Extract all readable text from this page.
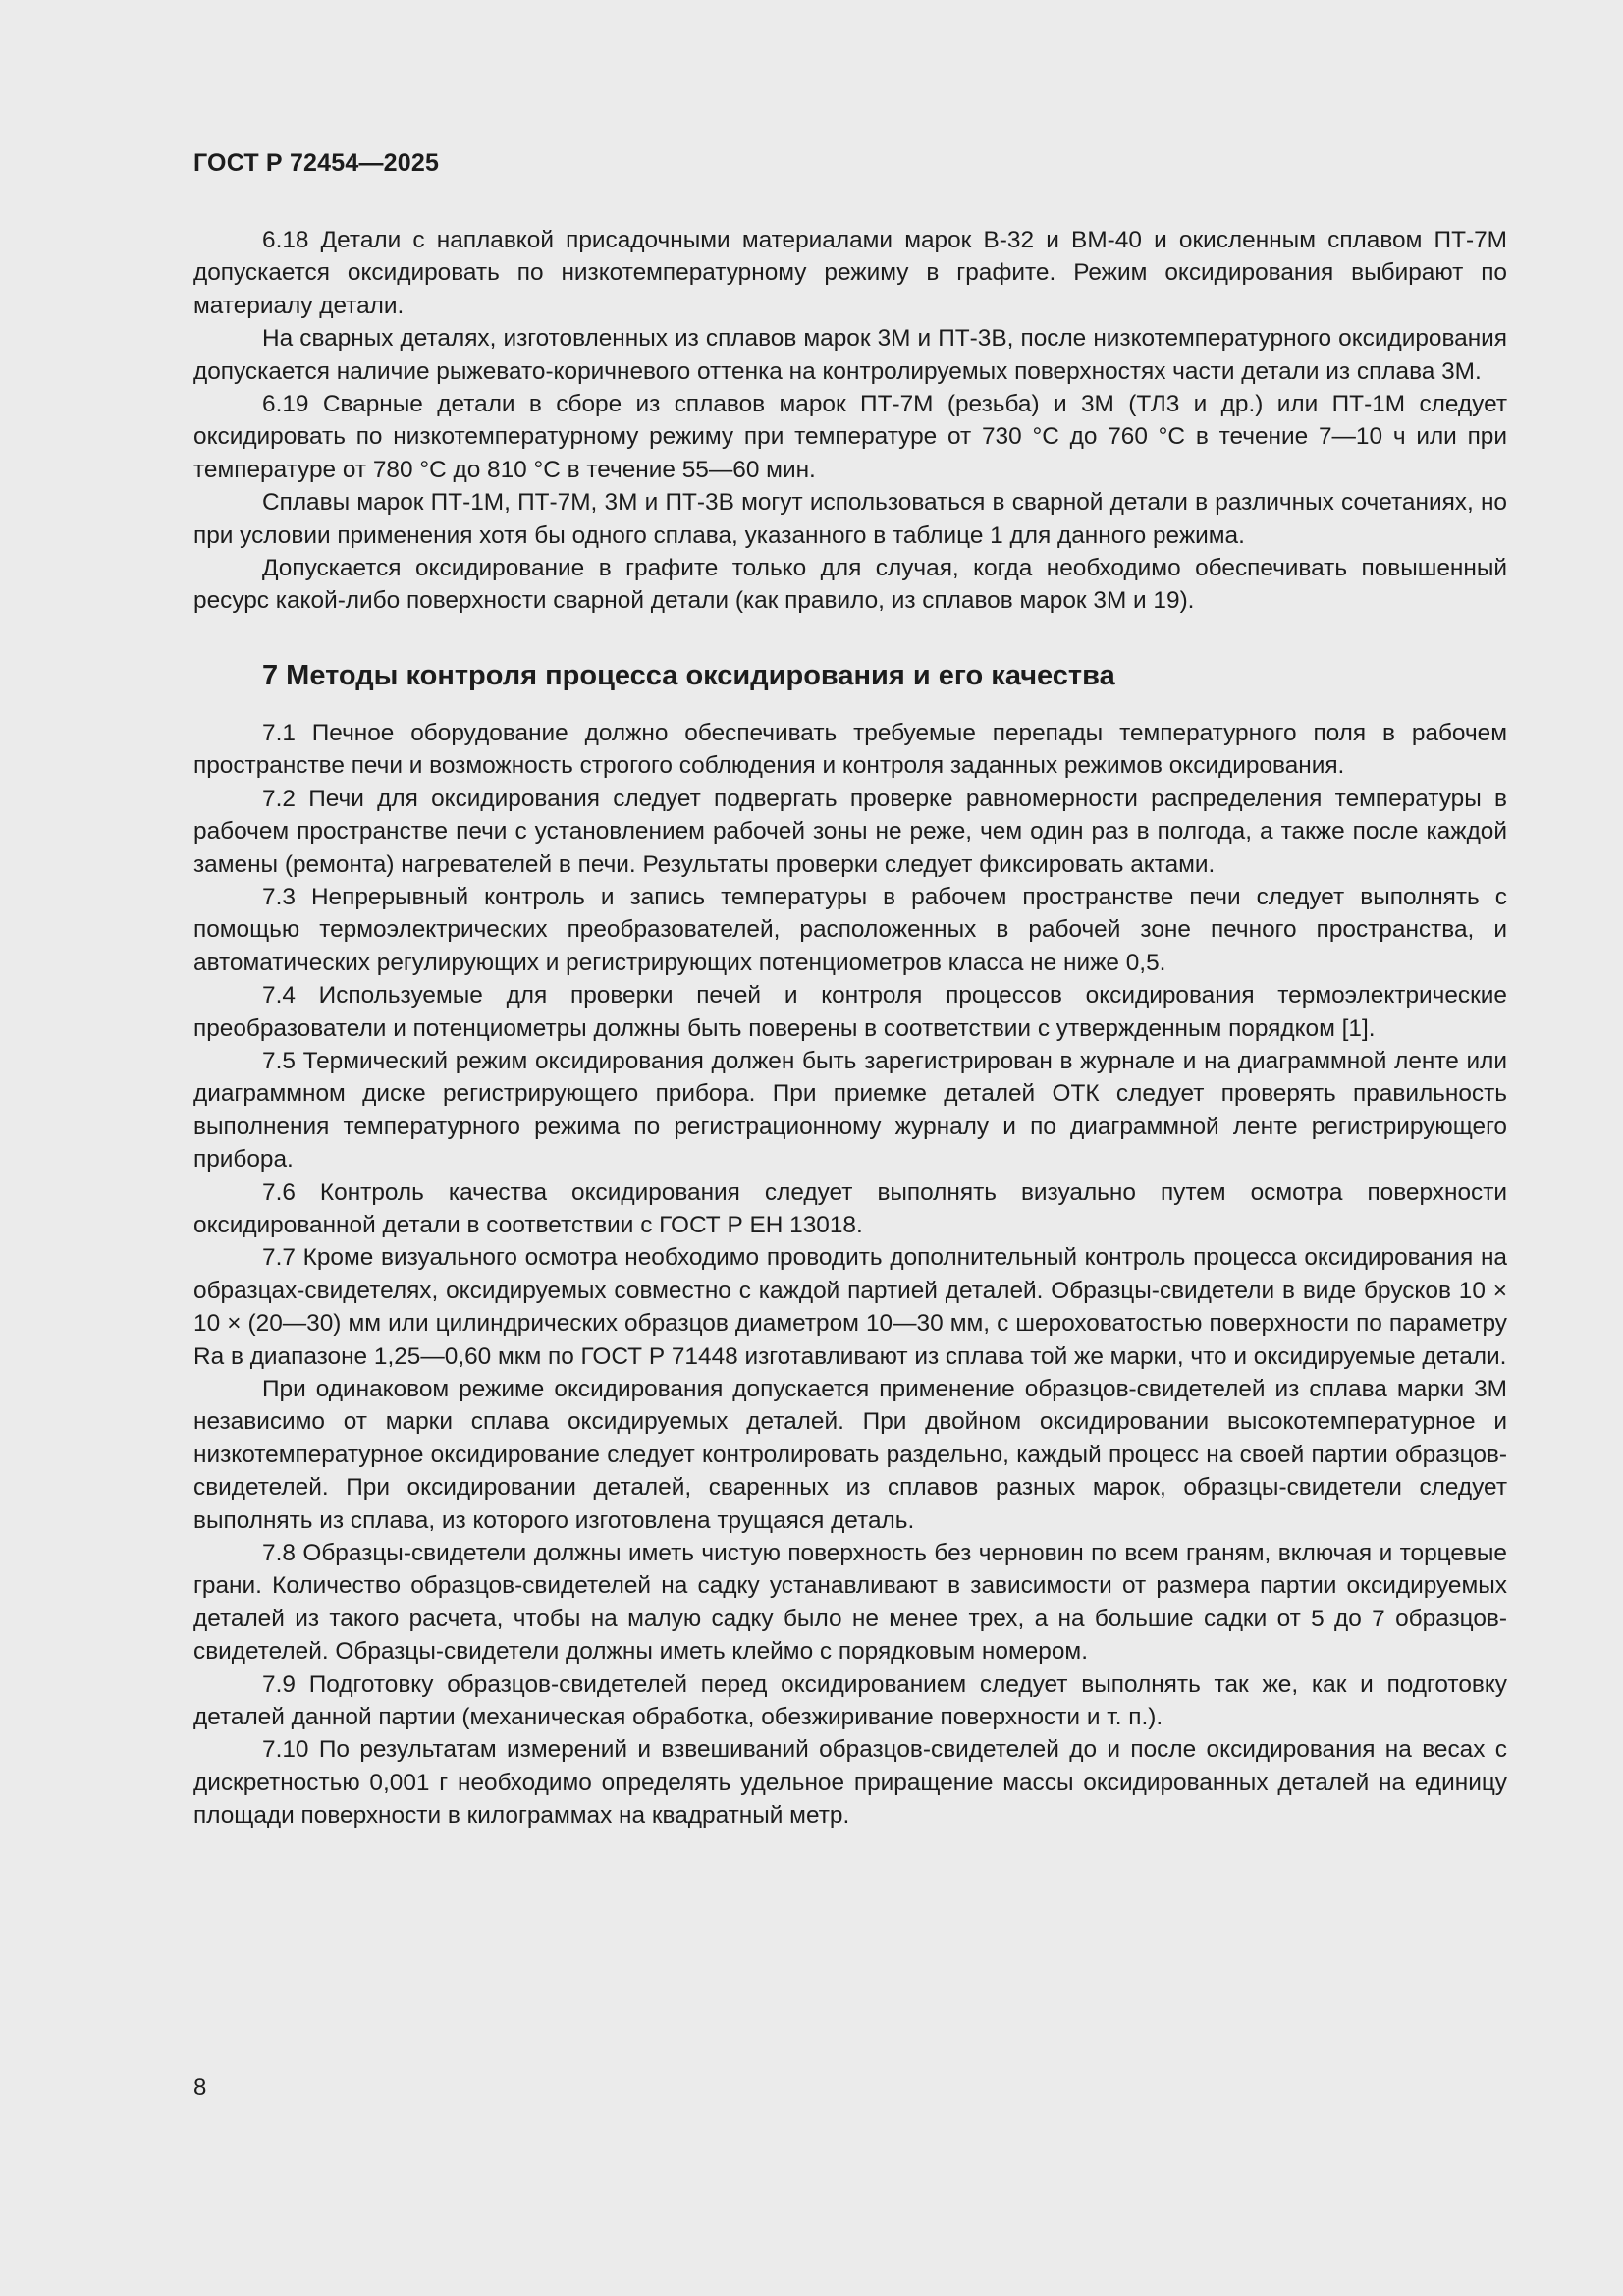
ГОСТ Р 72454—2025

6.18 Детали с наплавкой присадочными материалами марок В-32 и ВМ-40 и окисленным сплавом ПТ-7М допускается оксидировать по низкотемпературному режиму в графите. Режим оксидирования выбирают по материалу детали.

На сварных деталях, изготовленных из сплавов марок 3М и ПТ-3В, после низкотемпературного оксидирования допускается наличие рыжевато-коричневого оттенка на контролируемых поверхностях части детали из сплава 3М.

6.19 Сварные детали в сборе из сплавов марок ПТ-7М (резьба) и 3М (ТЛ3 и др.) или ПТ-1М следует оксидировать по низкотемпературному режиму при температуре от 730 °С до 760 °С в течение 7—10 ч или при температуре от 780 °С до 810 °С в течение 55—60 мин.

Сплавы марок ПТ-1М, ПТ-7М, 3М и ПТ-3В могут использоваться в сварной детали в различных сочетаниях, но при условии применения хотя бы одного сплава, указанного в таблице 1 для данного режима.

Допускается оксидирование в графите только для случая, когда необходимо обеспечивать повышенный ресурс какой-либо поверхности сварной детали (как правило, из сплавов марок 3М и 19).

7 Методы контроля процесса оксидирования и его качества

7.1 Печное оборудование должно обеспечивать требуемые перепады температурного поля в рабочем пространстве печи и возможность строгого соблюдения и контроля заданных режимов оксидирования.

7.2 Печи для оксидирования следует подвергать проверке равномерности распределения температуры в рабочем пространстве печи с установлением рабочей зоны не реже, чем один раз в полгода, а также после каждой замены (ремонта) нагревателей в печи. Результаты проверки следует фиксировать актами.

7.3 Непрерывный контроль и запись температуры в рабочем пространстве печи следует выполнять с помощью термоэлектрических преобразователей, расположенных в рабочей зоне печного пространства, и автоматических регулирующих и регистрирующих потенциометров класса не ниже 0,5.

7.4 Используемые для проверки печей и контроля процессов оксидирования термоэлектрические преобразователи и потенциометры должны быть поверены в соответствии с утвержденным порядком [1].

7.5 Термический режим оксидирования должен быть зарегистрирован в журнале и на диаграммной ленте или диаграммном диске регистрирующего прибора. При приемке деталей ОТК следует проверять правильность выполнения температурного режима по регистрационному журналу и по диаграммной ленте регистрирующего прибора.

7.6 Контроль качества оксидирования следует выполнять визуально путем осмотра поверхности оксидированной детали в соответствии с ГОСТ Р ЕН 13018.

7.7 Кроме визуального осмотра необходимо проводить дополнительный контроль процесса оксидирования на образцах-свидетелях, оксидируемых совместно с каждой партией деталей. Образцы-свидетели в виде брусков 10 × 10 × (20—30) мм или цилиндрических образцов диаметром 10—30 мм, с шероховатостью поверхности по параметру Ra в диапазоне 1,25—0,60 мкм по ГОСТ Р 71448 изготавливают из сплава той же марки, что и оксидируемые детали.

При одинаковом режиме оксидирования допускается применение образцов-свидетелей из сплава марки 3М независимо от марки сплава оксидируемых деталей. При двойном оксидировании высокотемпературное и низкотемпературное оксидирование следует контролировать раздельно, каждый процесс на своей партии образцов-свидетелей. При оксидировании деталей, сваренных из сплавов разных марок, образцы-свидетели следует выполнять из сплава, из которого изготовлена трущаяся деталь.

7.8 Образцы-свидетели должны иметь чистую поверхность без черновин по всем граням, включая и торцевые грани. Количество образцов-свидетелей на садку устанавливают в зависимости от размера партии оксидируемых деталей из такого расчета, чтобы на малую садку было не менее трех, а на большие садки от 5 до 7 образцов-свидетелей. Образцы-свидетели должны иметь клеймо с порядковым номером.

7.9 Подготовку образцов-свидетелей перед оксидированием следует выполнять так же, как и подготовку деталей данной партии (механическая обработка, обезжиривание поверхности и т. п.).

7.10 По результатам измерений и взвешиваний образцов-свидетелей до и после оксидирования на весах с дискретностью 0,001 г необходимо определять удельное приращение массы оксидированных деталей на единицу площади поверхности в килограммах на квадратный метр.

8
